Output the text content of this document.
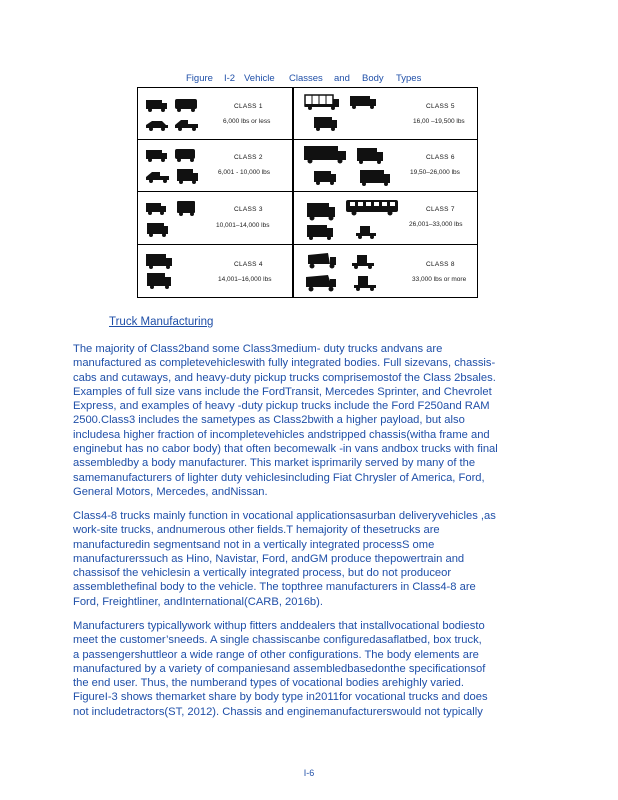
Figure I-2 Vehicle Classes and Body Types
CLASS 1
6,000 lbs or less
CLASS 2
6,001 - 10,000 lbs
CLASS 3
10,001–14,000 lbs
CLASS 4
14,001–16,000 lbs
CLASS 5
16,00 –19,500 lbs
CLASS 6
19,50–26,000 lbs
CLASS 7
26,001–33,000 lbs
CLASS 8
33,000 lbs or more
Truck Manufacturing
The majority of Class2band some Class3medium- duty trucks andvans are
manufactured as completevehicleswith fully integrated bodies. Full sizevans, chassis-
cabs and cutaways, and heavy-duty pickup trucks comprisemostof the Class 2bsales.
Examples of full size vans include the FordTransit, Mercedes Sprinter, and Chevrolet
Express, and examples of heavy -duty pickup trucks include the Ford F250and RAM
2500.Class3 includes the sametypes as Class2bwith a higher payload, but also
includesa higher fraction of incompletevehicles andstripped chassis(witha frame and
enginebut has no cabor body) that often becomewalk -in vans andbox trucks with final
assembledby a body manufacturer. This market isprimarily served by many of the
samemanufacturers of lighter duty vehiclesincluding Fiat Chrysler of America, Ford,
General Motors, Mercedes, andNissan.
Class4-8 trucks mainly function in vocational applicationsasurban deliveryvehicles ,as
work-site trucks, andnumerous other fields.T hemajority of thesetrucks are
manufacturedin segmentsand not in a vertically integrated processS ome
manufacturerssuch as Hino, Navistar, Ford, andGM produce thepowertrain and
chassisof the vehiclesin a vertically integrated process, but do not produceor
assemblethefinal body to the vehicle. The topthree manufacturers in Class4-8 are
Ford, Freightliner, andInternational(CARB, 2016b).
Manufacturers typicallywork withup fitters anddealers that installvocational bodiesto
meet the customer’sneeds. A single chassiscanbe configuredasaflatbed, box truck,
a passengershuttleor a wide range of other configurations. The body elements are
manufactured by a variety of companiesand assembledbasedonthe specificationsof
the end user. Thus, the numberand types of vocational bodies arehighly varied.
FigureI-3 shows themarket share by body type in2011for vocational trucks and does
not includetractors(ST, 2012). Chassis and enginemanufacturerswould not typically
I-6
